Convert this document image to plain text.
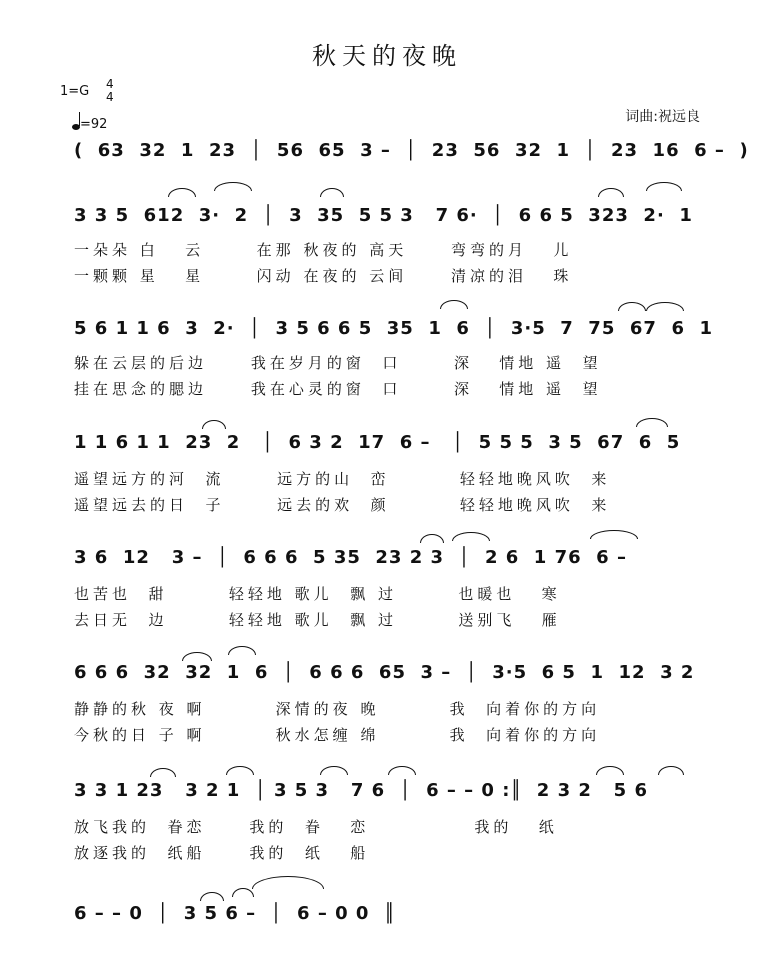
秋天的夜晚
1=G 4
4
=92	词曲:祝远良
(  63  32  1  23  │  56  65  3 –  │  23  56  32  1  │  23  16  6 –  )
3 3 5  612  3·  2  │  3  35  5 5 3   7 6·  │  6 6 5  323  2·  1
一朵朵 白   云      在那 秋夜的 高天     弯弯的月   儿
一颗颗 星   星      闪动 在夜的 云间     清凉的泪   珠
5 6 1 1 6  3  2·  │  3 5 6 6 5  35  1  6  │  3·5  7  75  67  6  1
躲在云层的后边     我在岁月的窗  口      深   情地 遥  望
挂在思念的腮边     我在心灵的窗  口      深   情地 遥  望
1 1 6 1 1  23  2   │  6 3 2  17  6 –   │  5 5 5  3 5  67  6  5
遥望远方的河  流      远方的山  峦        轻轻地晚风吹  来
遥望远去的日  子      远去的欢  颜        轻轻地晚风吹  来
3 6  12   3 –  │  6 6 6  5 35  23 2 3  │  2 6  1 76  6 –
也苦也  甜       轻轻地 歌儿  飘 过       也暖也   寒
去日无  边       轻轻地 歌儿  飘 过       送别飞   雁
6 6 6  32  32  1  6  │  6 6 6  65  3 –  │  3·5  6 5  1  12  3 2
静静的秋 夜 啊        深情的夜 晚        我  向着你的方向
今秋的日 子 啊        秋水怎缠 绵        我  向着你的方向
3 3 1 23   3 2 1  │ 3 5 3   7 6  │  6 – – 0 :║  2 3 2   5 6
放飞我的  眷恋     我的  眷   恋            我的   纸
放逐我的  纸船     我的  纸   船
6 – – 0  │  3 5 6 –  │  6 – 0 0  ║
